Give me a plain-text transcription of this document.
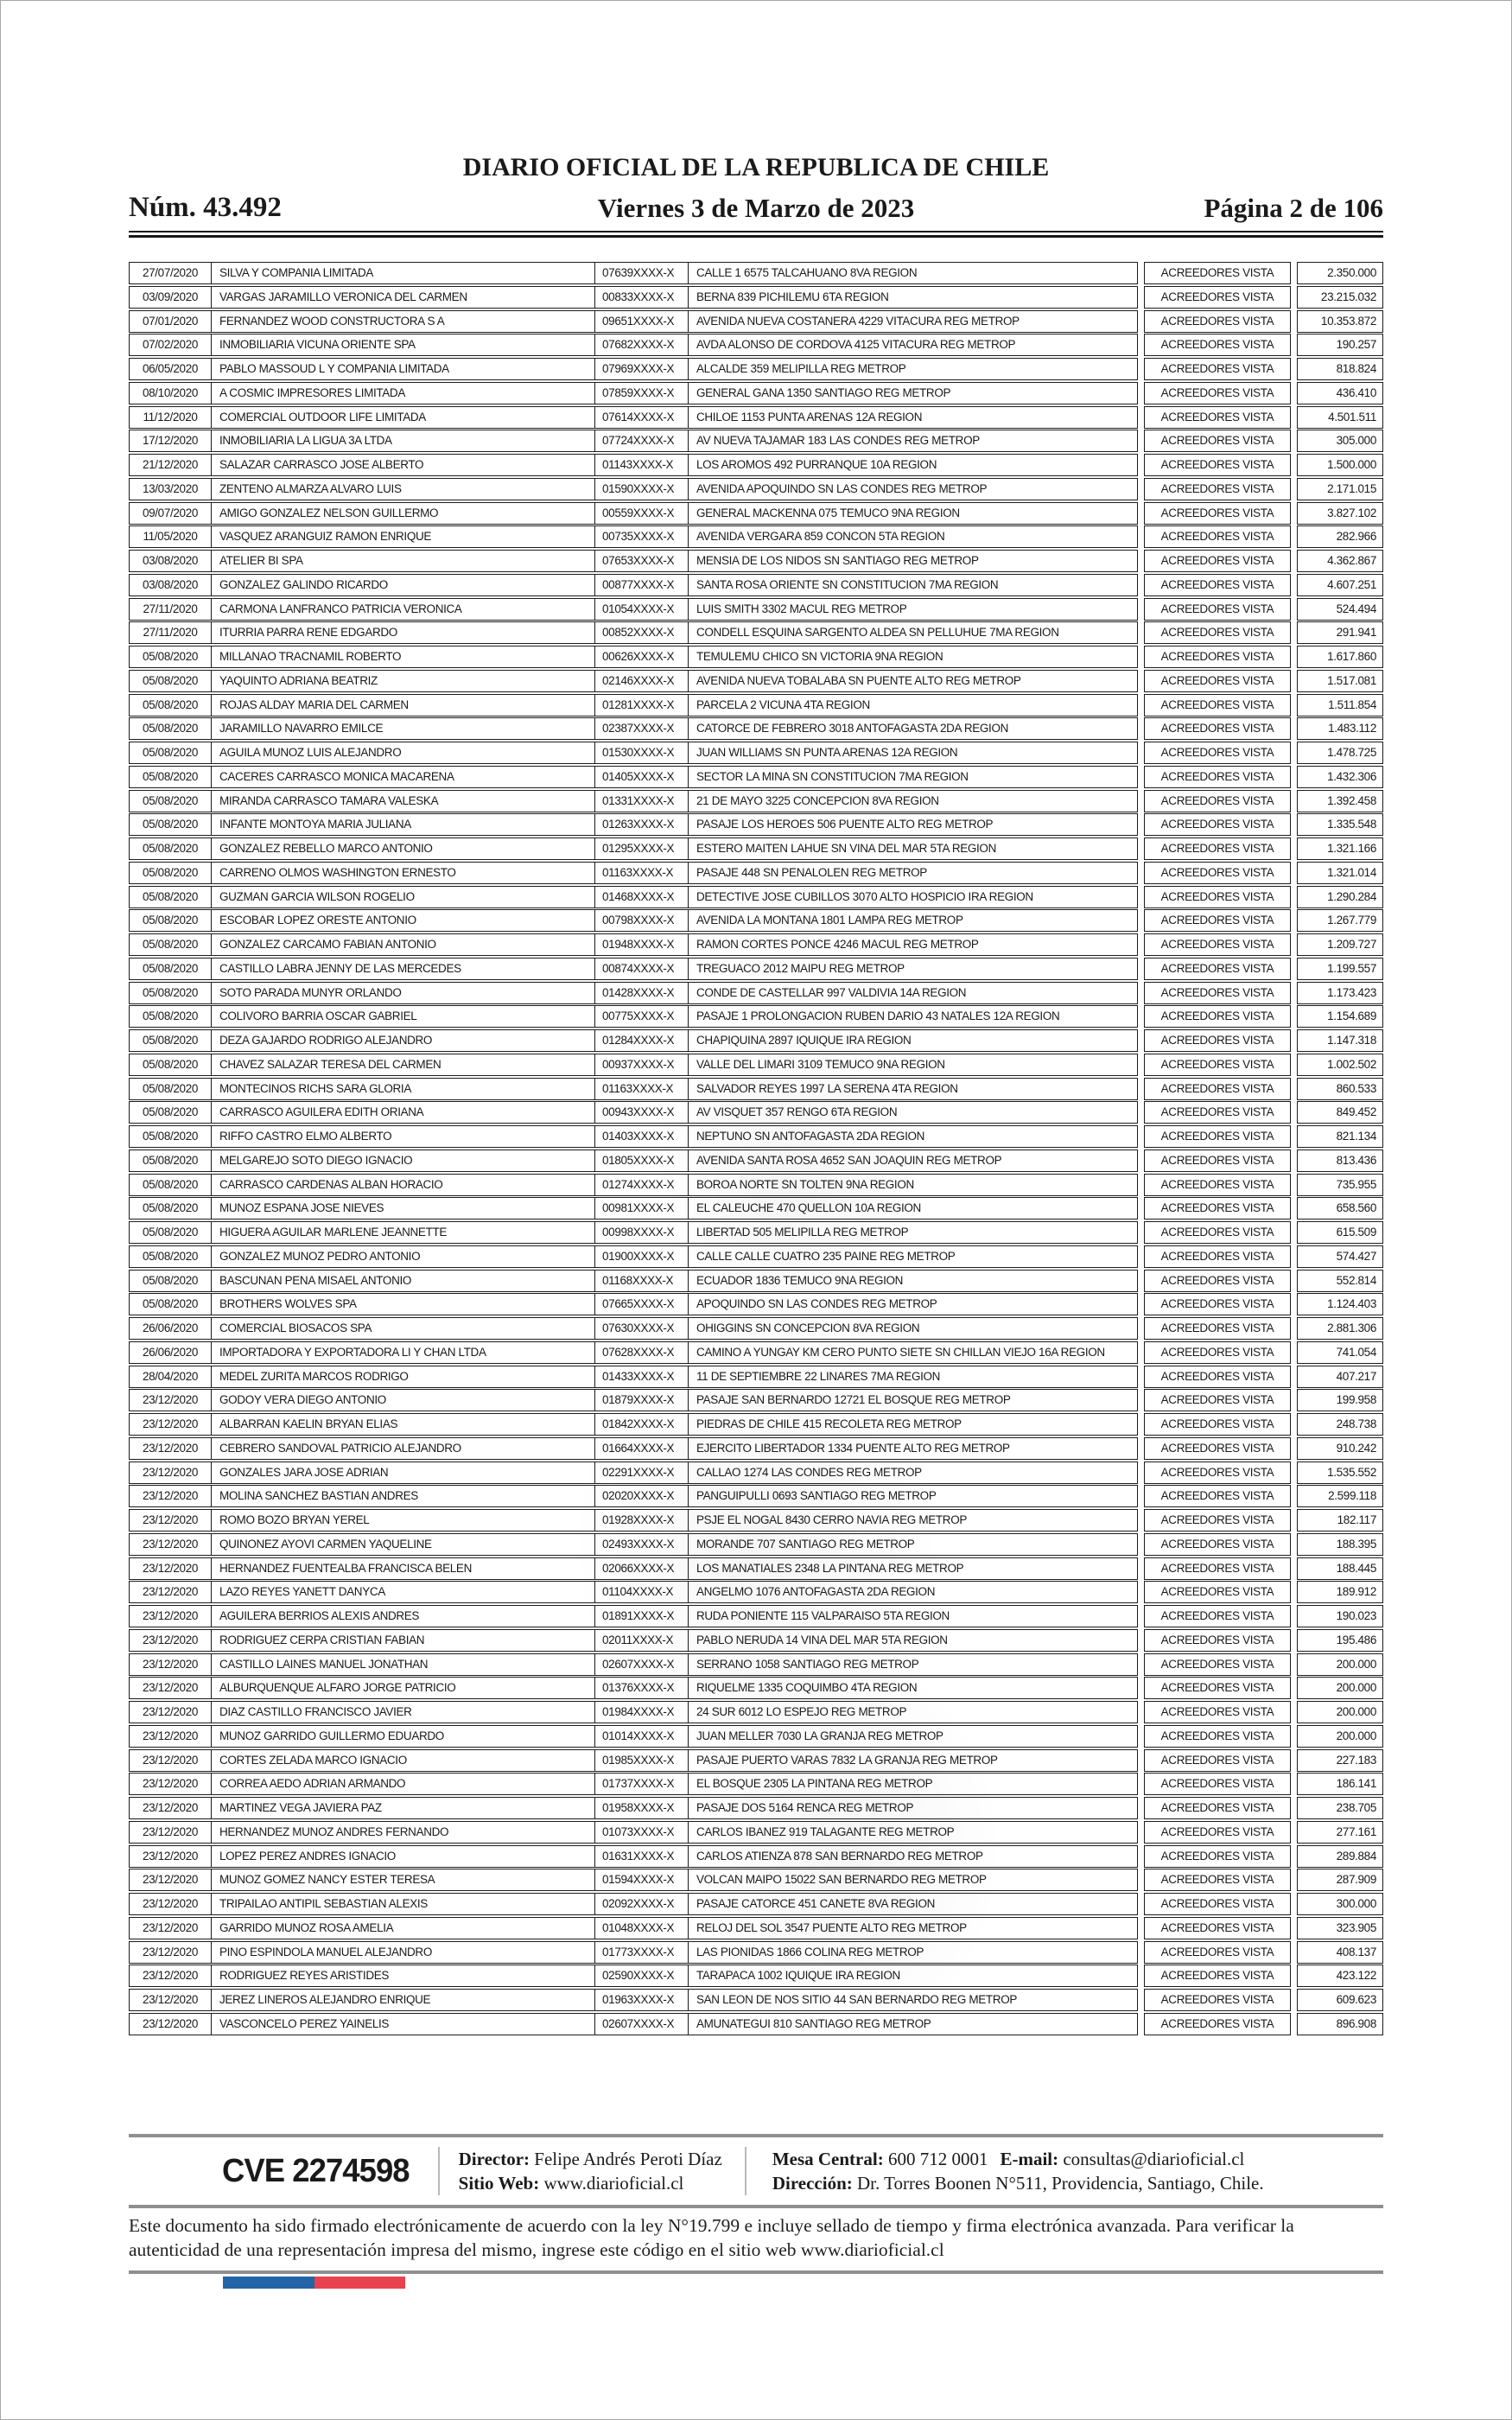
Núm. 43.492
DIARIO OFICIAL DE LA REPUBLICA DE CHILE
Viernes 3 de Marzo de 2023	Página 2 de 106
27/07/2020	SILVA Y COMPANIA LIMITADA	07639XXXX-X	CALLE 1 6575 TALCAHUANO 8VA REGION	ACREEDORES VISTA	2.350.000
03/09/2020	VARGAS JARAMILLO VERONICA DEL CARMEN	00833XXXX-X	BERNA 839 PICHILEMU 6TA REGION	ACREEDORES VISTA	23.215.032
07/01/2020	FERNANDEZ WOOD CONSTRUCTORA S A	09651XXXX-X	AVENIDA NUEVA COSTANERA 4229 VITACURA REG METROP	ACREEDORES VISTA	10.353.872
07/02/2020	INMOBILIARIA VICUNA ORIENTE SPA	07682XXXX-X	AVDA ALONSO DE CORDOVA 4125 VITACURA REG METROP	ACREEDORES VISTA	190.257
06/05/2020	PABLO MASSOUD L Y COMPANIA LIMITADA	07969XXXX-X	ALCALDE 359 MELIPILLA REG METROP	ACREEDORES VISTA	818.824
08/10/2020	A COSMIC IMPRESORES LIMITADA	07859XXXX-X	GENERAL GANA 1350 SANTIAGO REG METROP	ACREEDORES VISTA	436.410
11/12/2020	COMERCIAL OUTDOOR LIFE LIMITADA	07614XXXX-X	CHILOE 1153 PUNTA ARENAS 12A REGION	ACREEDORES VISTA	4.501.511
17/12/2020	INMOBILIARIA LA LIGUA 3A LTDA	07724XXXX-X	AV NUEVA TAJAMAR 183 LAS CONDES REG METROP	ACREEDORES VISTA	305.000
21/12/2020	SALAZAR CARRASCO JOSE ALBERTO	01143XXXX-X	LOS AROMOS 492 PURRANQUE 10A REGION	ACREEDORES VISTA	1.500.000
13/03/2020	ZENTENO ALMARZA ALVARO LUIS	01590XXXX-X	AVENIDA APOQUINDO SN LAS CONDES REG METROP	ACREEDORES VISTA	2.171.015
09/07/2020	AMIGO GONZALEZ NELSON GUILLERMO	00559XXXX-X	GENERAL MACKENNA 075 TEMUCO 9NA REGION	ACREEDORES VISTA	3.827.102
11/05/2020	VASQUEZ ARANGUIZ RAMON ENRIQUE	00735XXXX-X	AVENIDA VERGARA 859 CONCON 5TA REGION	ACREEDORES VISTA	282.966
03/08/2020	ATELIER BI SPA	07653XXXX-X	MENSIA DE LOS NIDOS SN SANTIAGO REG METROP	ACREEDORES VISTA	4.362.867
03/08/2020	GONZALEZ GALINDO RICARDO	00877XXXX-X	SANTA ROSA ORIENTE SN CONSTITUCION 7MA REGION	ACREEDORES VISTA	4.607.251
27/11/2020	CARMONA LANFRANCO PATRICIA VERONICA	01054XXXX-X	LUIS SMITH 3302 MACUL REG METROP	ACREEDORES VISTA	524.494
27/11/2020	ITURRIA PARRA RENE EDGARDO	00852XXXX-X	CONDELL ESQUINA SARGENTO ALDEA SN PELLUHUE 7MA REGION	ACREEDORES VISTA	291.941
05/08/2020	MILLANAO TRACNAMIL ROBERTO	00626XXXX-X	TEMULEMU CHICO SN VICTORIA 9NA REGION	ACREEDORES VISTA	1.617.860
05/08/2020	YAQUINTO ADRIANA BEATRIZ	02146XXXX-X	AVENIDA NUEVA TOBALABA SN PUENTE ALTO REG METROP	ACREEDORES VISTA	1.517.081
05/08/2020	ROJAS ALDAY MARIA DEL CARMEN	01281XXXX-X	PARCELA 2 VICUNA 4TA REGION	ACREEDORES VISTA	1.511.854
05/08/2020	JARAMILLO NAVARRO EMILCE	02387XXXX-X	CATORCE DE FEBRERO 3018 ANTOFAGASTA 2DA REGION	ACREEDORES VISTA	1.483.112
05/08/2020	AGUILA MUNOZ LUIS ALEJANDRO	01530XXXX-X	JUAN WILLIAMS SN PUNTA ARENAS 12A REGION	ACREEDORES VISTA	1.478.725
05/08/2020	CACERES CARRASCO MONICA MACARENA	01405XXXX-X	SECTOR LA MINA SN CONSTITUCION 7MA REGION	ACREEDORES VISTA	1.432.306
05/08/2020	MIRANDA CARRASCO TAMARA VALESKA	01331XXXX-X	21 DE MAYO 3225 CONCEPCION 8VA REGION	ACREEDORES VISTA	1.392.458
05/08/2020	INFANTE MONTOYA MARIA JULIANA	01263XXXX-X	PASAJE LOS HEROES 506 PUENTE ALTO REG METROP	ACREEDORES VISTA	1.335.548
05/08/2020	GONZALEZ REBELLO MARCO ANTONIO	01295XXXX-X	ESTERO MAITEN LAHUE SN VINA DEL MAR 5TA REGION	ACREEDORES VISTA	1.321.166
05/08/2020	CARRENO OLMOS WASHINGTON ERNESTO	01163XXXX-X	PASAJE 448 SN PENALOLEN REG METROP	ACREEDORES VISTA	1.321.014
05/08/2020	GUZMAN GARCIA WILSON ROGELIO	01468XXXX-X	DETECTIVE JOSE CUBILLOS 3070 ALTO HOSPICIO IRA REGION	ACREEDORES VISTA	1.290.284
05/08/2020	ESCOBAR LOPEZ ORESTE ANTONIO	00798XXXX-X	AVENIDA LA MONTANA 1801 LAMPA REG METROP	ACREEDORES VISTA	1.267.779
05/08/2020	GONZALEZ CARCAMO FABIAN ANTONIO	01948XXXX-X	RAMON CORTES PONCE 4246 MACUL REG METROP	ACREEDORES VISTA	1.209.727
05/08/2020	CASTILLO LABRA JENNY DE LAS MERCEDES	00874XXXX-X	TREGUACO 2012 MAIPU REG METROP	ACREEDORES VISTA	1.199.557
05/08/2020	SOTO PARADA MUNYR ORLANDO	01428XXXX-X	CONDE DE CASTELLAR 997 VALDIVIA 14A REGION	ACREEDORES VISTA	1.173.423
05/08/2020	COLIVORO BARRIA OSCAR GABRIEL	00775XXXX-X	PASAJE 1 PROLONGACION RUBEN DARIO 43 NATALES 12A REGION	ACREEDORES VISTA	1.154.689
05/08/2020	DEZA GAJARDO RODRIGO ALEJANDRO	01284XXXX-X	CHAPIQUINA 2897 IQUIQUE IRA REGION	ACREEDORES VISTA	1.147.318
05/08/2020	CHAVEZ SALAZAR TERESA DEL CARMEN	00937XXXX-X	VALLE DEL LIMARI 3109 TEMUCO 9NA REGION	ACREEDORES VISTA	1.002.502
05/08/2020	MONTECINOS RICHS SARA GLORIA	01163XXXX-X	SALVADOR REYES 1997 LA SERENA 4TA REGION	ACREEDORES VISTA	860.533
05/08/2020	CARRASCO AGUILERA EDITH ORIANA	00943XXXX-X	AV VISQUET 357 RENGO 6TA REGION	ACREEDORES VISTA	849.452
05/08/2020	RIFFO CASTRO ELMO ALBERTO	01403XXXX-X	NEPTUNO SN ANTOFAGASTA 2DA REGION	ACREEDORES VISTA	821.134
05/08/2020	MELGAREJO SOTO DIEGO IGNACIO	01805XXXX-X	AVENIDA SANTA ROSA 4652 SAN JOAQUIN REG METROP	ACREEDORES VISTA	813.436
05/08/2020	CARRASCO CARDENAS ALBAN HORACIO	01274XXXX-X	BOROA NORTE SN TOLTEN 9NA REGION	ACREEDORES VISTA	735.955
05/08/2020	MUNOZ ESPANA JOSE NIEVES	00981XXXX-X	EL CALEUCHE 470 QUELLON 10A REGION	ACREEDORES VISTA	658.560
05/08/2020	HIGUERA AGUILAR MARLENE JEANNETTE	00998XXXX-X	LIBERTAD 505 MELIPILLA REG METROP	ACREEDORES VISTA	615.509
05/08/2020	GONZALEZ MUNOZ PEDRO ANTONIO	01900XXXX-X	CALLE CALLE CUATRO 235 PAINE REG METROP	ACREEDORES VISTA	574.427
05/08/2020	BASCUNAN PENA MISAEL ANTONIO	01168XXXX-X	ECUADOR 1836 TEMUCO 9NA REGION	ACREEDORES VISTA	552.814
05/08/2020	BROTHERS WOLVES SPA	07665XXXX-X	APOQUINDO SN LAS CONDES REG METROP	ACREEDORES VISTA	1.124.403
26/06/2020	COMERCIAL BIOSACOS SPA	07630XXXX-X	OHIGGINS SN CONCEPCION 8VA REGION	ACREEDORES VISTA	2.881.306
26/06/2020	IMPORTADORA Y EXPORTADORA LI Y CHAN LTDA	07628XXXX-X	CAMINO A YUNGAY KM CERO PUNTO SIETE SN CHILLAN VIEJO 16A REGION	ACREEDORES VISTA	741.054
28/04/2020	MEDEL ZURITA MARCOS RODRIGO	01433XXXX-X	11 DE SEPTIEMBRE 22 LINARES 7MA REGION	ACREEDORES VISTA	407.217
23/12/2020	GODOY VERA DIEGO ANTONIO	01879XXXX-X	PASAJE SAN BERNARDO 12721 EL BOSQUE REG METROP	ACREEDORES VISTA	199.958
23/12/2020	ALBARRAN KAELIN BRYAN ELIAS	01842XXXX-X	PIEDRAS DE CHILE 415 RECOLETA REG METROP	ACREEDORES VISTA	248.738
23/12/2020	CEBRERO SANDOVAL PATRICIO ALEJANDRO	01664XXXX-X	EJERCITO LIBERTADOR 1334 PUENTE ALTO REG METROP	ACREEDORES VISTA	910.242
23/12/2020	GONZALES JARA JOSE ADRIAN	02291XXXX-X	CALLAO 1274 LAS CONDES REG METROP	ACREEDORES VISTA	1.535.552
23/12/2020	MOLINA SANCHEZ BASTIAN ANDRES	02020XXXX-X	PANGUIPULLI 0693 SANTIAGO REG METROP	ACREEDORES VISTA	2.599.118
23/12/2020	ROMO BOZO BRYAN YEREL	01928XXXX-X	PSJE EL NOGAL 8430 CERRO NAVIA REG METROP	ACREEDORES VISTA	182.117
23/12/2020	QUINONEZ AYOVI CARMEN YAQUELINE	02493XXXX-X	MORANDE 707 SANTIAGO REG METROP	ACREEDORES VISTA	188.395
23/12/2020	HERNANDEZ FUENTEALBA FRANCISCA BELEN	02066XXXX-X	LOS MANATIALES 2348 LA PINTANA REG METROP	ACREEDORES VISTA	188.445
23/12/2020	LAZO REYES YANETT DANYCA	01104XXXX-X	ANGELMO 1076 ANTOFAGASTA 2DA REGION	ACREEDORES VISTA	189.912
23/12/2020	AGUILERA BERRIOS ALEXIS ANDRES	01891XXXX-X	RUDA PONIENTE 115 VALPARAISO 5TA REGION	ACREEDORES VISTA	190.023
23/12/2020	RODRIGUEZ CERPA CRISTIAN FABIAN	02011XXXX-X	PABLO NERUDA 14 VINA DEL MAR 5TA REGION	ACREEDORES VISTA	195.486
23/12/2020	CASTILLO LAINES MANUEL JONATHAN	02607XXXX-X	SERRANO 1058 SANTIAGO REG METROP	ACREEDORES VISTA	200.000
23/12/2020	ALBURQUENQUE ALFARO JORGE PATRICIO	01376XXXX-X	RIQUELME 1335 COQUIMBO 4TA REGION	ACREEDORES VISTA	200.000
23/12/2020	DIAZ CASTILLO FRANCISCO JAVIER	01984XXXX-X	24 SUR 6012 LO ESPEJO REG METROP	ACREEDORES VISTA	200.000
23/12/2020	MUNOZ GARRIDO GUILLERMO EDUARDO	01014XXXX-X	JUAN MELLER 7030 LA GRANJA REG METROP	ACREEDORES VISTA	200.000
23/12/2020	CORTES ZELADA MARCO IGNACIO	01985XXXX-X	PASAJE PUERTO VARAS 7832 LA GRANJA REG METROP	ACREEDORES VISTA	227.183
23/12/2020	CORREA AEDO ADRIAN ARMANDO	01737XXXX-X	EL BOSQUE 2305 LA PINTANA REG METROP	ACREEDORES VISTA	186.141
23/12/2020	MARTINEZ VEGA JAVIERA PAZ	01958XXXX-X	PASAJE DOS 5164 RENCA REG METROP	ACREEDORES VISTA	238.705
23/12/2020	HERNANDEZ MUNOZ ANDRES FERNANDO	01073XXXX-X	CARLOS IBANEZ 919 TALAGANTE REG METROP	ACREEDORES VISTA	277.161
23/12/2020	LOPEZ PEREZ ANDRES IGNACIO	01631XXXX-X	CARLOS ATIENZA 878 SAN BERNARDO REG METROP	ACREEDORES VISTA	289.884
23/12/2020	MUNOZ GOMEZ NANCY ESTER TERESA	01594XXXX-X	VOLCAN MAIPO 15022 SAN BERNARDO REG METROP	ACREEDORES VISTA	287.909
23/12/2020	TRIPAILAO ANTIPIL SEBASTIAN ALEXIS	02092XXXX-X	PASAJE CATORCE 451 CANETE 8VA REGION	ACREEDORES VISTA	300.000
23/12/2020	GARRIDO MUNOZ ROSA AMELIA	01048XXXX-X	RELOJ DEL SOL 3547 PUENTE ALTO REG METROP	ACREEDORES VISTA	323.905
23/12/2020	PINO ESPINDOLA MANUEL ALEJANDRO	01773XXXX-X	LAS PIONIDAS 1866 COLINA REG METROP	ACREEDORES VISTA	408.137
23/12/2020	RODRIGUEZ REYES ARISTIDES	02590XXXX-X	TARAPACA 1002 IQUIQUE IRA REGION	ACREEDORES VISTA	423.122
23/12/2020	JEREZ LINEROS ALEJANDRO ENRIQUE	01963XXXX-X	SAN LEON DE NOS SITIO 44 SAN BERNARDO REG METROP	ACREEDORES VISTA	609.623
23/12/2020	VASCONCELO PEREZ YAINELIS	02607XXXX-X	AMUNATEGUI 810 SANTIAGO REG METROP	ACREEDORES VISTA	896.908
CVE 2274598	Director: Felipe Andrés Peroti Díaz
Sitio Web: www.diarioficial.cl
Mesa Central: 600 712 0001 E-mail: consultas@diarioficial.cl
Dirección: Dr. Torres Boonen N°511, Providencia, Santiago, Chile.
Este documento ha sido firmado electrónicamente de acuerdo con la ley N°19.799 e incluye sellado de tiempo y firma electrónica avanzada. Para verificar la autenticidad de una representación impresa del mismo, ingrese este código en el sitio web www.diarioficial.cl
